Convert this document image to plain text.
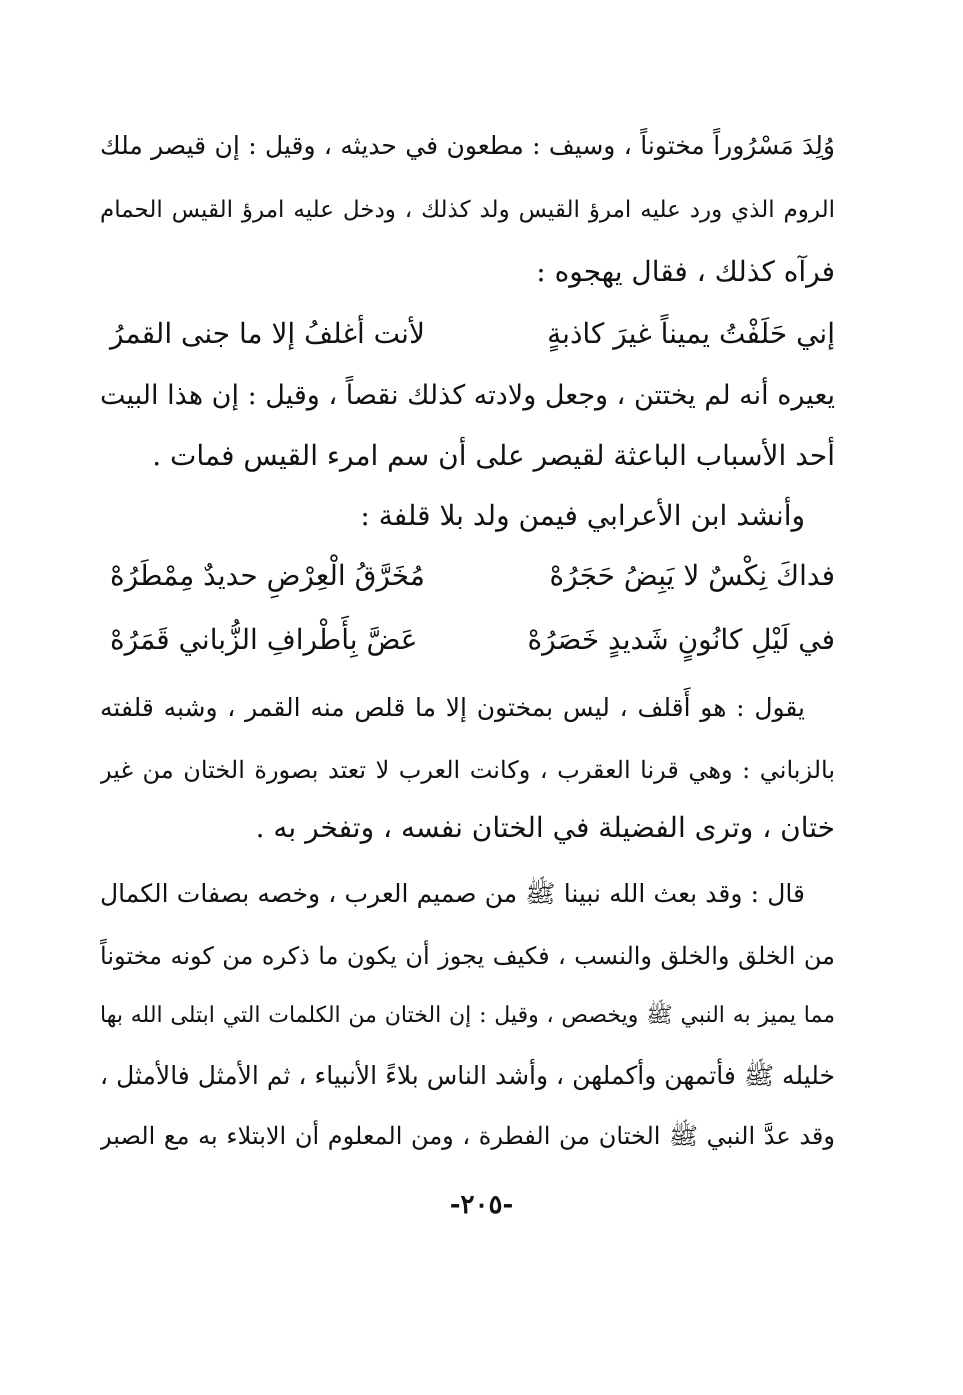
وُلِدَ مَسْرُوراً مختوناً ، وسيف : مطعون في حديثه ، وقيل : إن قيصر ملك
الروم الذي ورد عليه امرؤ القيس ولد كذلك ، ودخل عليه امرؤ القيس الحمام
فرآه كذلك ، فقال يهجوه :
إني حَلَفْتُ يميناً غيرَ كاذبةٍ
لأنت أغلفُ إلا ما جنى القمرُ
يعيره أنه لم يختتن ، وجعل ولادته كذلك نقصاً ، وقيل : إن هذا البيت
أحد الأسباب الباعثة لقيصر على أن سم امرء القيس فمات .
وأنشد ابن الأعرابي فيمن ولد بلا قلفة :
فداكَ نِكْسٌ لا يَبِضُ حَجَرُهْ
مُخَرَّقُ الْعِرْضِ حديدٌ مِمْطَرُهْ
في لَيْلِ كانُونٍ شَديدٍ خَصَرُهْ
عَضَّ بِأَطْرافِ الزُّباني قَمَرُهْ
يقول : هو أَقلف ، ليس بمختون إلا ما قلص منه القمر ، وشبه قلفته
بالزباني : وهي قرنا العقرب ، وكانت العرب لا تعتد بصورة الختان من غير
ختان ، وترى الفضيلة في الختان نفسه ، وتفخر به .
قال : وقد بعث الله نبينا ﷺ من صميم العرب ، وخصه بصفات الكمال
من الخلق والخلق والنسب ، فكيف يجوز أن يكون ما ذكره من كونه مختوناً
مما يميز به النبي ﷺ ويخصص ، وقيل : إن الختان من الكلمات التي ابتلى الله بها
خليله ﷺ فأتمهن وأكملهن ، وأشد الناس بلاءً الأنبياء ، ثم الأمثل فالأمثل ،
وقد عدَّ النبي ﷺ الختان من الفطرة ، ومن المعلوم أن الابتلاء به مع الصبر
-٢٠٥-
